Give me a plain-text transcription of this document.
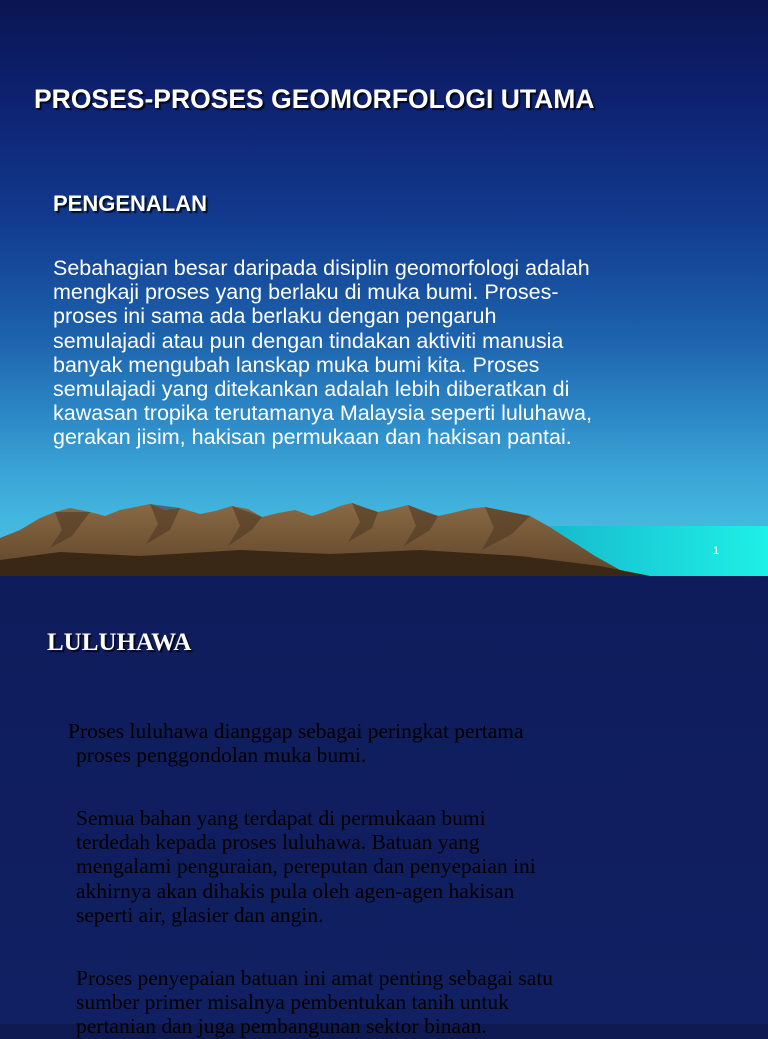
PROSES-PROSES GEOMORFOLOGI UTAMA
PENGENALAN

Sebahagian besar daripada disiplin geomorfologi adalah
mengkaji proses yang berlaku di muka bumi. Proses-
proses ini sama ada berlaku dengan pengaruh
semulajadi atau pun dengan tindakan aktiviti manusia
banyak mengubah lanskap muka bumi kita. Proses
semulajadi yang ditekankan adalah lebih diberatkan di
kawasan tropika terutamanya Malaysia seperti luluhawa,
gerakan jisim, hakisan permukaan dan hakisan pantai.

1
LULUHAWA

Proses luluhawa dianggap sebagai peringkat pertama
proses penggondolan muka bumi.

Semua bahan yang terdapat di permukaan bumi
terdedah kepada proses luluhawa. Batuan yang
mengalami penguraian, pereputan dan penyepaian ini
akhirnya akan dihakis pula oleh agen-agen hakisan
seperti air, glasier dan angin.

Proses penyepaian batuan ini amat penting sebagai satu
sumber primer misalnya pembentukan tanih untuk
pertanian dan juga pembangunan sektor binaan.
